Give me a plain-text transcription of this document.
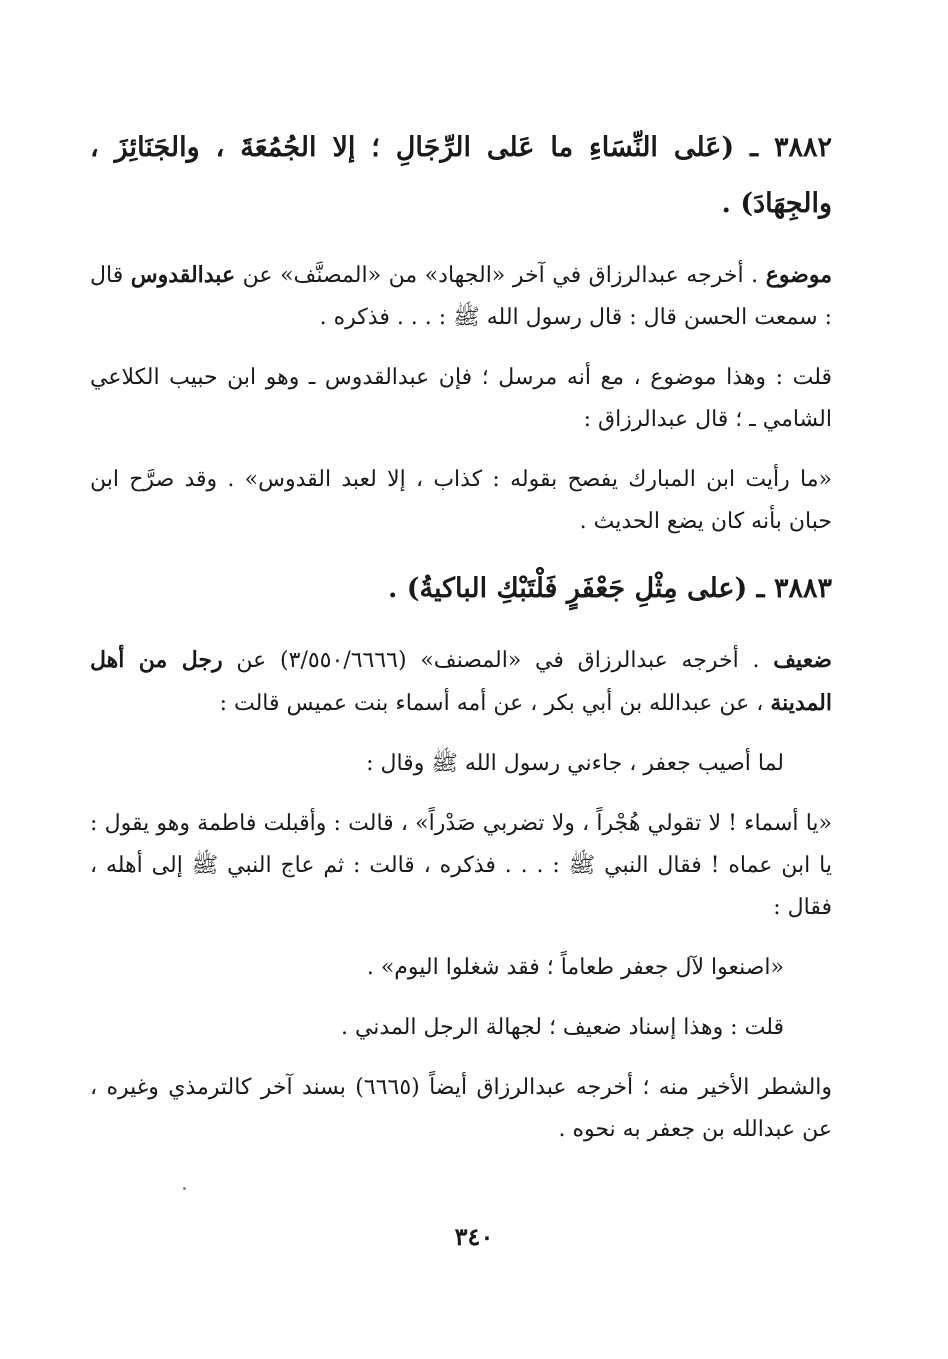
٣٨٨٢ ـ (عَلى النِّسَاءِ ما عَلى الرِّجَالِ ؛ إلا الجُمُعَةَ ، والجَنَائِزَ ، والجِهَادَ) .

موضوع . أخرجه عبدالرزاق في آخر «الجهاد» من «المصنَّف» عن عبدالقدوس قال : سمعت الحسن قال : قال رسول الله ﷺ : . . . فذكره .

قلت : وهذا موضوع ، مع أنه مرسل ؛ فإن عبدالقدوس ـ وهو ابن حبيب الكلاعي الشامي ـ ؛ قال عبدالرزاق :

«ما رأيت ابن المبارك يفصح بقوله : كذاب ، إلا لعبد القدوس» . وقد صرَّح ابن حبان بأنه كان يضع الحديث .

٣٨٨٣ ـ (على مِثْلِ جَعْفَرٍ فَلْتَبْكِ الباكيةُ) .

ضعيف . أخرجه عبدالرزاق في «المصنف» (٣/٥٥٠/٦٦٦٦) عن رجل من أهل المدينة ، عن عبدالله بن أبي بكر ، عن أمه أسماء بنت عميس قالت :

لما أصيب جعفر ، جاءني رسول الله ﷺ وقال :

«يا أسماء ! لا تقولي هُجْراً ، ولا تضربي صَدْراً» ، قالت : وأقبلت فاطمة وهو يقول : يا ابن عماه ! فقال النبي ﷺ : . . . فذكره ، قالت : ثم عاج النبي ﷺ إلى أهله ، فقال :

«اصنعوا لآل جعفر طعاماً ؛ فقد شغلوا اليوم» .

قلت : وهذا إسناد ضعيف ؛ لجهالة الرجل المدني .

والشطر الأخير منه ؛ أخرجه عبدالرزاق أيضاً (٦٦٦٥) بسند آخر كالترمذي وغيره ، عن عبدالله بن جعفر به نحوه .

٣٤٠
